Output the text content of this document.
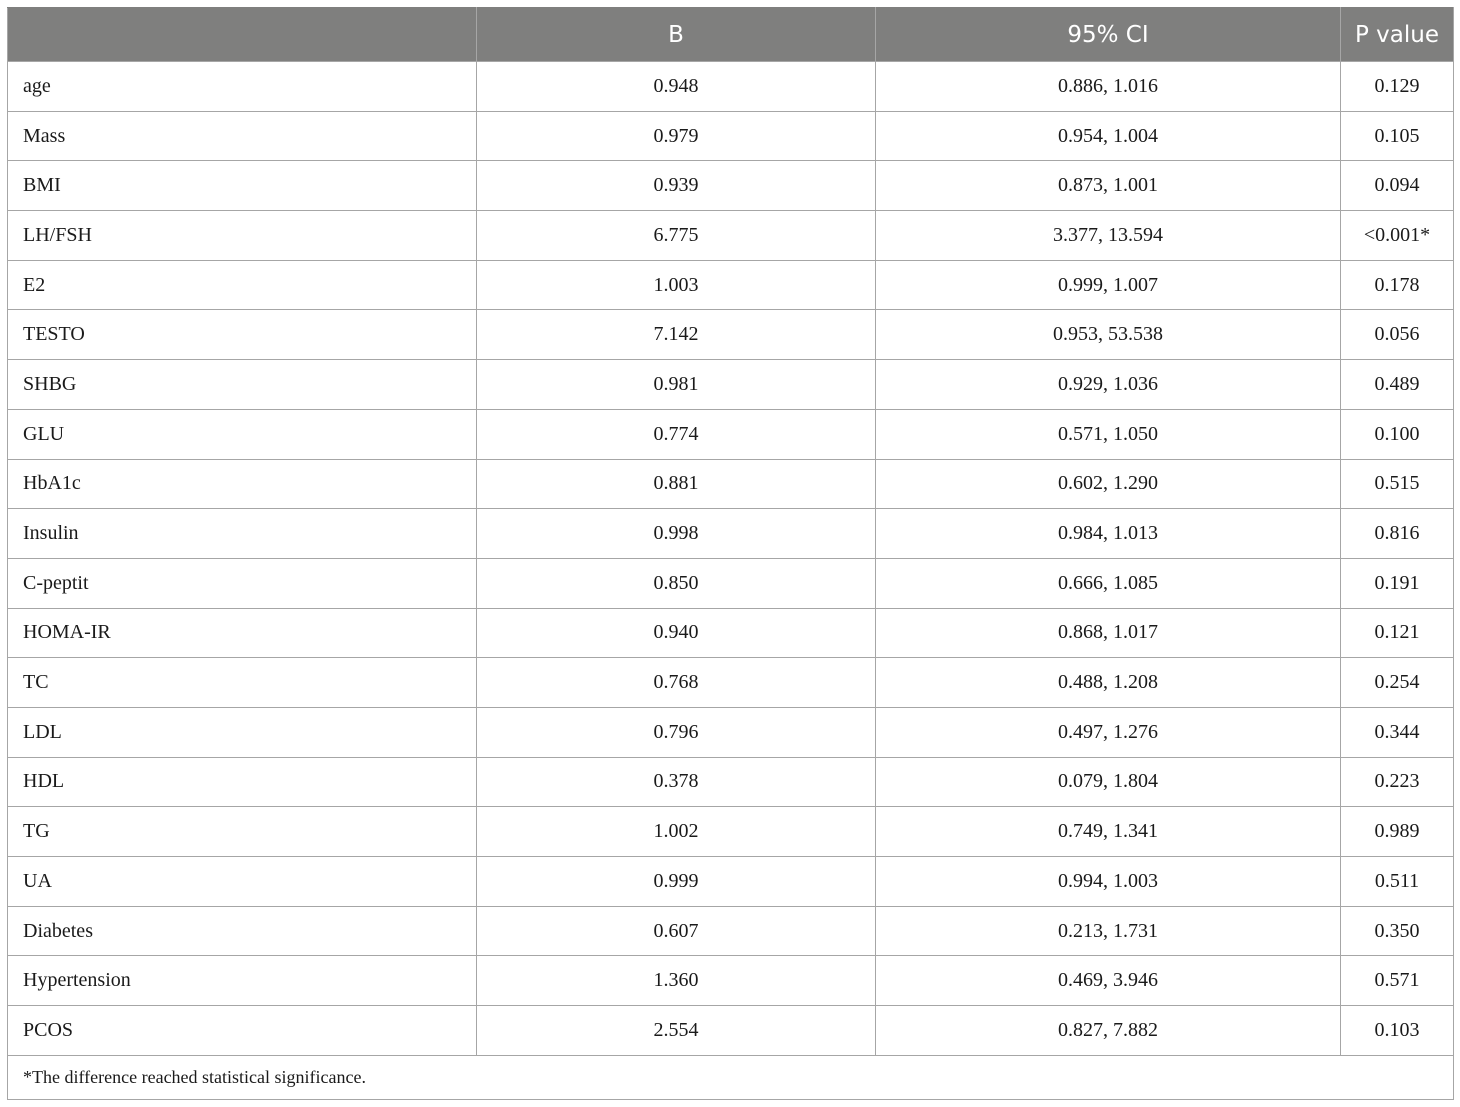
	B	95% CI	P value
age	0.948	0.886, 1.016	0.129
Mass	0.979	0.954, 1.004	0.105
BMI	0.939	0.873, 1.001	0.094
LH/FSH	6.775	3.377, 13.594	<0.001*
E2	1.003	0.999, 1.007	0.178
TESTO	7.142	0.953, 53.538	0.056
SHBG	0.981	0.929, 1.036	0.489
GLU	0.774	0.571, 1.050	0.100
HbA1c	0.881	0.602, 1.290	0.515
Insulin	0.998	0.984, 1.013	0.816
C-peptit	0.850	0.666, 1.085	0.191
HOMA-IR	0.940	0.868, 1.017	0.121
TC	0.768	0.488, 1.208	0.254
LDL	0.796	0.497, 1.276	0.344
HDL	0.378	0.079, 1.804	0.223
TG	1.002	0.749, 1.341	0.989
UA	0.999	0.994, 1.003	0.511
Diabetes	0.607	0.213, 1.731	0.350
Hypertension	1.360	0.469, 3.946	0.571
PCOS	2.554	0.827, 7.882	0.103
*The difference reached statistical significance.			
